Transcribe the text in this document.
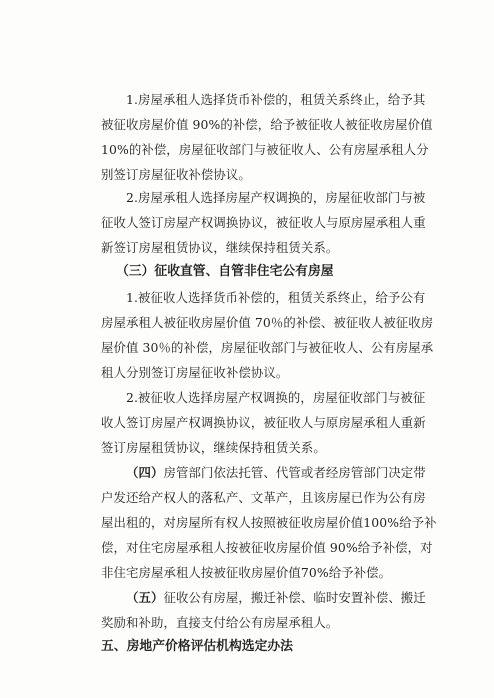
1.房屋承租人选择货币补偿的，租赁关系终止，给予其
被征收房屋价值 90%的补偿，给予被征收人被征收房屋价值
10%的补偿，房屋征收部门与被征收人、公有房屋承租人分
别签订房屋征收补偿协议。

2.房屋承租人选择房屋产权调换的，房屋征收部门与被
征收人签订房屋产权调换协议，被征收人与原房屋承租人重
新签订房屋租赁协议，继续保持租赁关系。

（三）征收直管、自管非住宅公有房屋

1.被征收人选择货币补偿的，租赁关系终止，给予公有
房屋承租人被征收房屋价值 70％的补偿、被征收人被征收房
屋价值 30％的补偿，房屋征收部门与被征收人、公有房屋承
租人分别签订房屋征收补偿协议。

2.被征收人选择房屋产权调换的，房屋征收部门与被征
收人签订房屋产权调换协议，被征收人与原房屋承租人重新
签订房屋租赁协议，继续保持租赁关系。

（四）房管部门依法托管、代管或者经房管部门决定带
户发还给产权人的落私产、文革产，且该房屋已作为公有房
屋出租的，对房屋所有权人按照被征收房屋价值100%给予补
偿，对住宅房屋承租人按被征收房屋价值 90%给予补偿，对
非住宅房屋承租人按被征收房屋价值70%给予补偿。

（五）征收公有房屋，搬迁补偿、临时安置补偿、搬迁
奖励和补助，直接支付给公有房屋承租人。

五、房地产价格评估机构选定办法
